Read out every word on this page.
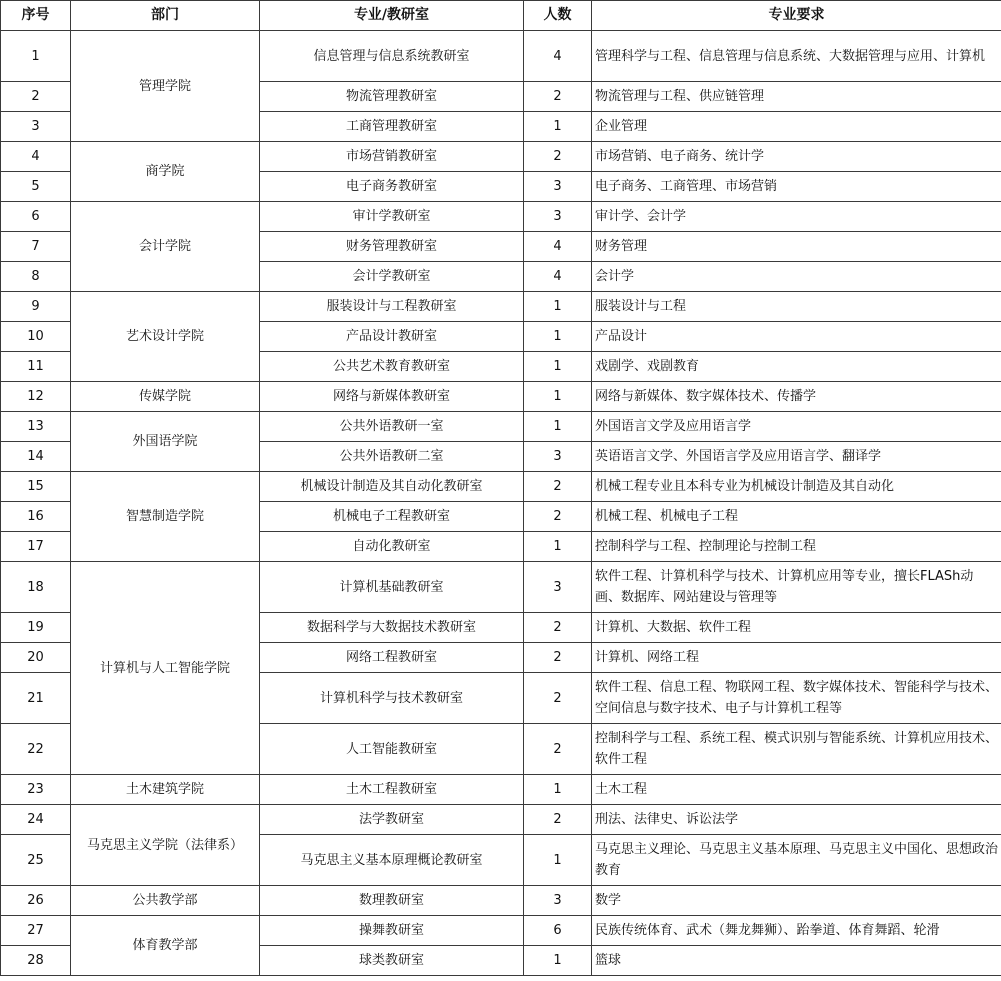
序号	部门	专业/教研室	人数	专业要求
1	管理学院	信息管理与信息系统教研室	4	管理科学与工程、信息管理与信息系统、大数据管理与应用、计算机
2		物流管理教研室	2	物流管理与工程、供应链管理
3		工商管理教研室	1	企业管理
4	商学院	市场营销教研室	2	市场营销、电子商务、统计学
5		电子商务教研室	3	电子商务、工商管理、市场营销
6	会计学院	审计学教研室	3	审计学、会计学
7		财务管理教研室	4	财务管理
8		会计学教研室	4	会计学
9	艺术设计学院	服装设计与工程教研室	1	服装设计与工程
10		产品设计教研室	1	产品设计
11		公共艺术教育教研室	1	戏剧学、戏剧教育
12	传媒学院	网络与新媒体教研室	1	网络与新媒体、数字媒体技术、传播学
13	外国语学院	公共外语教研一室	1	外国语言文学及应用语言学
14		公共外语教研二室	3	英语语言文学、外国语言学及应用语言学、翻译学
15	智慧制造学院	机械设计制造及其自动化教研室	2	机械工程专业且本科专业为机械设计制造及其自动化
16		机械电子工程教研室	2	机械工程、机械电子工程
17		自动化教研室	1	控制科学与工程、控制理论与控制工程
18	计算机与人工智能学院	计算机基础教研室	3	软件工程、计算机科学与技术、计算机应用等专业，擅长FLASh动画、数据库、网站建设与管理等
19		数据科学与大数据技术教研室	2	计算机、大数据、软件工程
20		网络工程教研室	2	计算机、网络工程
21		计算机科学与技术教研室	2	软件工程、信息工程、物联网工程、数字媒体技术、智能科学与技术、空间信息与数字技术、电子与计算机工程等
22		人工智能教研室	2	控制科学与工程、系统工程、模式识别与智能系统、计算机应用技术、软件工程
23	土木建筑学院	土木工程教研室	1	土木工程
24	马克思主义学院（法律系）	法学教研室	2	刑法、法律史、诉讼法学
25		马克思主义基本原理概论教研室	1	马克思主义理论、马克思主义基本原理、马克思主义中国化、思想政治教育
26	公共教学部	数理教研室	3	数学
27	体育教学部	操舞教研室	6	民族传统体育、武术（舞龙舞狮）、跆拳道、体育舞蹈、轮滑
28		球类教研室	1	篮球
